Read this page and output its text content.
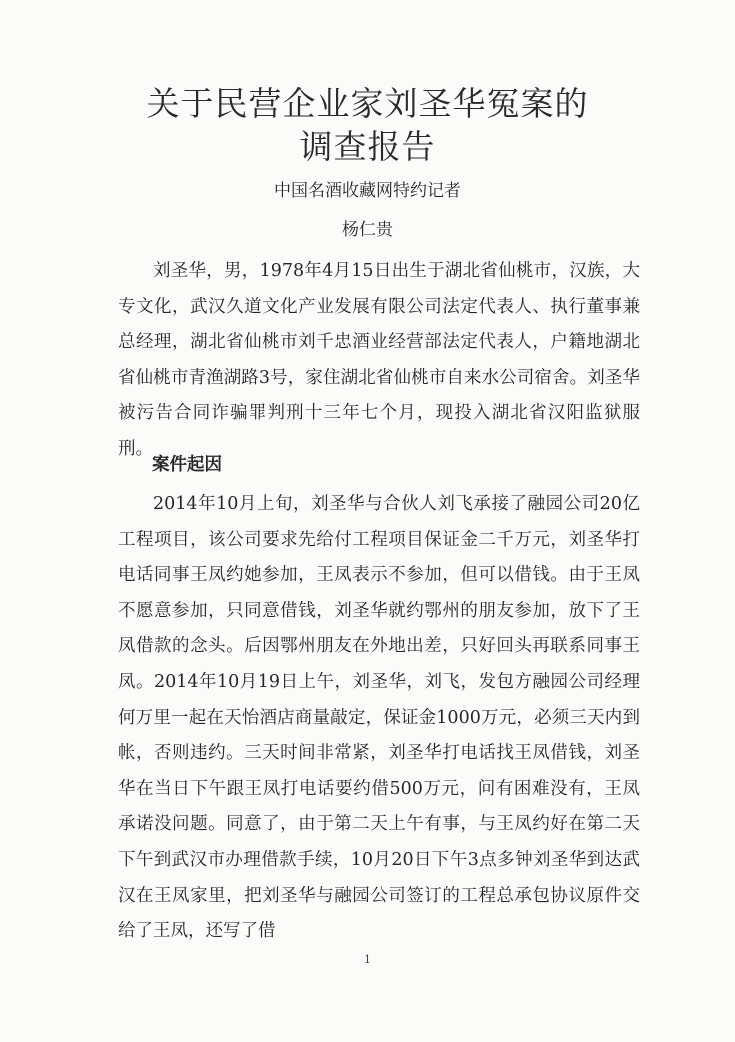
关于民营企业家刘圣华冤案的
调查报告
中国名酒收藏网特约记者
杨仁贵

刘圣华，男，1978年4月15日出生于湖北省仙桃市，汉族，大专文化，武汉久道文化产业发展有限公司法定代表人、执行董事兼总经理，湖北省仙桃市刘千忠酒业经营部法定代表人，户籍地湖北省仙桃市青渔湖路3号，家住湖北省仙桃市自来水公司宿舍。刘圣华被污告合同诈骗罪判刑十三年七个月，现投入湖北省汉阳监狱服刑。

案件起因

2014年10月上旬，刘圣华与合伙人刘飞承接了融园公司20亿工程项目，该公司要求先给付工程项目保证金二千万元，刘圣华打电话同事王凤约她参加，王凤表示不参加，但可以借钱。由于王凤不愿意参加，只同意借钱，刘圣华就约鄂州的朋友参加，放下了王凤借款的念头。后因鄂州朋友在外地出差，只好回头再联系同事王凤。2014年10月19日上午，刘圣华，刘飞，发包方融园公司经理何万里一起在天怡酒店商量敲定，保证金1000万元，必须三天内到帐，否则违约。三天时间非常紧，刘圣华打电话找王凤借钱，刘圣华在当日下午跟王凤打电话要约借500万元，问有困难没有，王凤承诺没问题。同意了，由于第二天上午有事，与王凤约好在第二天下午到武汉市办理借款手续，10月20日下午3点多钟刘圣华到达武汉在王凤家里，把刘圣华与融园公司签订的工程总承包协议原件交给了王凤，还写了借

1
